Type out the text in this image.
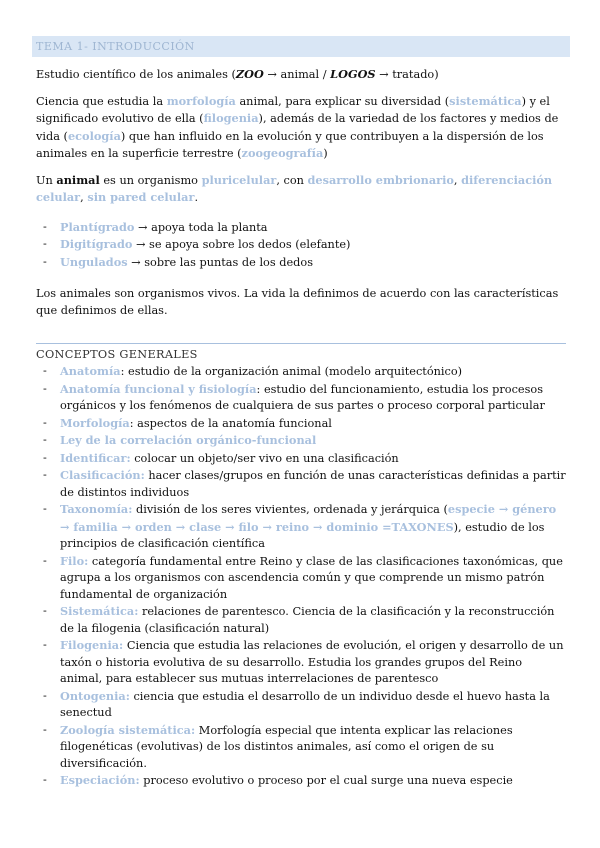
TEMA 1- INTRODUCCIÓN

Estudio científico de los animales (ZOO → animal / LOGOS → tratado)

Ciencia que estudia la morfología animal, para explicar su diversidad (sistemática) y el significado evolutivo de ella (filogenia), además de la variedad de los factores y medios de vida (ecología) que han influido en la evolución y que contribuyen a la dispersión de los animales en la superficie terrestre (zoogeografía)

Un animal es un organismo pluricelular, con desarrollo embrionario, diferenciación celular, sin pared celular.

- Plantígrado → apoya toda la planta
- Digitígrado → se apoya sobre los dedos (elefante)
- Ungulados → sobre las puntas de los dedos

Los animales son organismos vivos. La vida la definimos de acuerdo con las características que definimos de ellas.

CONCEPTOS GENERALES
- Anatomía: estudio de la organización animal (modelo arquitectónico)
- Anatomía funcional y fisiología: estudio del funcionamiento, estudia los procesos orgánicos y los fenómenos de cualquiera de sus partes o proceso corporal particular
- Morfología: aspectos de la anatomía funcional
- Ley de la correlación orgánico-funcional
- Identificar: colocar un objeto/ser vivo en una clasificación
- Clasificación: hacer clases/grupos en función de unas características definidas a partir de distintos individuos
- Taxonomía: división de los seres vivientes, ordenada y jerárquica (especie → género → familia → orden → clase → filo → reino → dominio =TAXONES), estudio de los principios de clasificación científica
- Filo: categoría fundamental entre Reino y clase de las clasificaciones taxonómicas, que agrupa a los organismos con ascendencia común y que comprende un mismo patrón fundamental de organización
- Sistemática: relaciones de parentesco. Ciencia de la clasificación y la reconstrucción de la filogenia (clasificación natural)
- Filogenia: Ciencia que estudia las relaciones de evolución, el origen y desarrollo de un taxón o historia evolutiva de su desarrollo. Estudia los grandes grupos del Reino animal, para establecer sus mutuas interrelaciones de parentesco
- Ontogenia: ciencia que estudia el desarrollo de un individuo desde el huevo hasta la senectud
- Zoología sistemática: Morfología especial que intenta explicar las relaciones filogenéticas (evolutivas) de los distintos animales, así como el origen de su diversificación.
- Especiación: proceso evolutivo o proceso por el cual surge una nueva especie
